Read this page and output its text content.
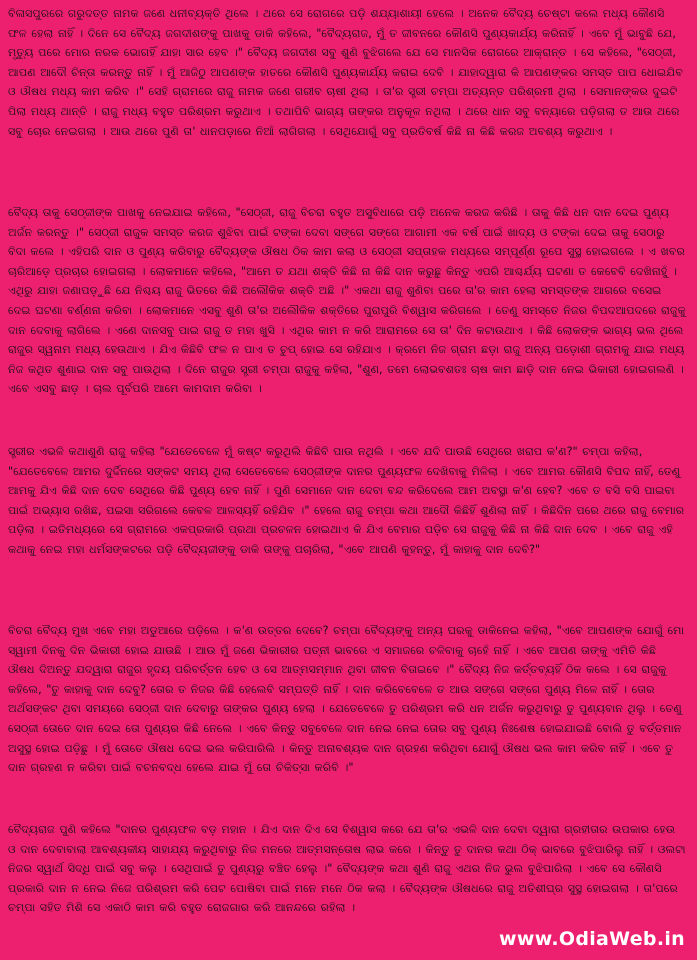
ବିଳାସପୁରରେ ଗରୁଦତ୍ତ ନାମକ ଜଣେ ଧନୀବ୍ୟକ୍ତି ଥିଲେ । ଥରେ ସେ ରୋଗରେ ପଡ଼ି ଶଯ୍ୟାଶାୟୀ ହେଲେ । ଅନେକ ବୈଦ୍ୟ ଚେଷ୍ଟା କଲେ ମଧ୍ୟ କୌଣସି ଫଳ ହେଲା ନାହିଁ । ଦିନେ ସେ ବୈଦ୍ୟ ଜଗଦୀଶଙ୍କୁ ପାଖକୁ ଡାକି କହିଲେ, "ବୈଦ୍ୟରାଜ, ମୁଁ ତ ଜୀବନରେ କୌଣସି ପୁଣ୍ୟକାର୍ଯ୍ୟ କରିନାହିଁ । ଏବେ ମୁଁ ଭାବୁଛି ଯେ, ମୃତ୍ୟୁ ପରେ ମୋର ନରକ ଭୋଗହିଁ ଯାହା ସାର ହେବ ।" ବୈଦ୍ୟ ଜଗଦୀଶ ସବୁ ଶୁଣି ବୁଝିଗଲେ ଯେ ସେ ମାନସିକ ରୋଗରେ ଆକ୍ରାନ୍ତ । ସେ କହିଲେ, "ସେଠ୍ଜୀ, ଆପଣ ଆଦୌ ଚିନ୍ତା କରନ୍ତୁ ନାହିଁ । ମୁଁ ଆଜିଠୁ ଆପଣଙ୍କ ହାତରେ କୌଣସି ପୁଣ୍ୟକାର୍ଯ୍ୟ କରାଇ ଦେବି । ଯାହାଦ୍ୱାରା କି ଆପଣଙ୍କର ସମସ୍ତ ପାପ ଧୋଇଯିବ ଓ ଔଷଧ ମଧ୍ୟ କାମ କରିବ ।" ସେହି ଗ୍ରାମରେ ରାଜୁ ନାମକ ଜଣେ ଗରୀବ ଚାଷୀ ଥିଲା । ତା'ର ସ୍ତ୍ରୀ ଚମ୍ପା ଅତ୍ୟନ୍ତ ପରିଶ୍ରମୀ ଥିଲା । ସେମାନଙ୍କର ଦୁଇଟି ପିଲା ମଧ୍ୟ ଥାନ୍ତି । ରାଜୁ ମଧ୍ୟ ବହୁତ ପରିଶ୍ରମ କରୁଥାଏ । ତଥାପିବି ଭାଗ୍ୟ ତାଙ୍କର ଅନୁକୂଳ ନଥିଲା । ଥରେ ଧାନ ସବୁ ବନ୍ୟାରେ ପଡ଼ିଗଲା ତ ଆଉ ଥରେ ସବୁ ଚୋର ନେଇଗଲା । ଆଉ ଥରେ ପୁଣି ତା' ଧାନପଡ଼ାରେ ନିଆଁ ଲାଗିଗଲା । ସେଥିଯୋଗୁଁ ସବୁ ପ୍ରତିବର୍ଷ କିଛି ନା କିଛି କରଜ ଅବଶ୍ୟ କରୁଥାଏ ।

ବୈଦ୍ୟ ତାକୁ ସେଠ୍ଜୀଙ୍କ ପାଖକୁ ନେଇଯାଇ କହିଲେ, "ସେଠ୍ଜୀ, ରାଜୁ ବିଚରା ବହୁତ ଅସୁବିଧାରେ ପଡ଼ି ଅନେକ କରଜ କରିଛି । ତାକୁ କିଛି ଧନ ଦାନ ଦେଇ ପୁଣ୍ୟ ଅର୍ଜନ କରନ୍ତୁ ।" ସେଠ୍ଜୀ ରାଜୁକ ସମସ୍ତ କରଜ ଶୁଝିବା ପାଇଁ ଟଙ୍କା ଦେବା ସଙ୍ଗେ ସଙ୍ଗେ ଆଗାମୀ ଏକ ବର୍ଷ ପାଇଁ ଖାଦ୍ୟ ଓ ଟଙ୍କା ଦେଇ ତାକୁ ସେଠାରୁ ବିଦା କଲେ । ଏହିପରି ଦାନ ଓ ପୁଣ୍ୟ କରିବାରୁ ବୈଦ୍ୟଙ୍କ ଔଷଧ ଠିକ କାମ କଲା ଓ ସେଠ୍ଜୀ ସପ୍ତାହକ ମଧ୍ୟରେ ସମ୍ପୂର୍ଣ୍ଣ ରୂପେ ସୁସ୍ଥ ହୋଇଗଲେ । ଏ ଖବର ଚାରିଆଡ଼େ ପ୍ରଚାର ହୋଇଗଲା । ଲୋକମାନେ କହିଲେ, "ଆମେ ତ ଯଥା ଶକ୍ତି କିଛି ନା କିଛି ଦାନ କରୁଛୁ କିନ୍ତୁ ଏପରି ଆଶ୍ଚର୍ଯ୍ୟ ଘଟଣା ତ କେବେବି ଦେଖିନାହୁଁ । ଏଥିରୁ ଯାହା ଜଣାପଡ଼ୁଛି ଯେ ନିଶ୍ଚୟ ରାଜୁ ଭିତରେ କିଛି ଅଲୌକିକ ଶକ୍ତି ଅଛି ।" ଏକଥା ରାଜୁ ଶୁଣିବା ପରେ ତା'ର କାମ ହେଲା ସମସ୍ତଙ୍କ ଆଗରେ ବସେଇ ଦେଇ ଘଟଣା ବର୍ଣ୍ଣନା କରିବା । ଲୋକମାନେ ଏସବୁ ଶୁଣି ତା'ର ଅଲୌକିକ ଶକ୍ତିରେ ପୁରାପୁରି ବିଶ୍ୱାସ କରିଗଲେ । ତେଣୁ ସମସ୍ତେ ନିଜର ବିପଦଆପଦରେ ରାଜୁକୁ ଦାନ ଦେବାକୁ ଲାଗିଲେ । ଏଣେ ଦାନସବୁ ପାଇ ରାଜୁ ତ ମହା ଖୁସି । ଏଥିର କାମ ନ କରି ଆରାମରେ ସେ ତା' ଦିନ କଟାଉଥାଏ । କିଛି ଲୋକଙ୍କ ଭାଗ୍ୟ ଭଲ ଥିଲେ ରାଜୁର ସ୍ୱନାମ ମଧ୍ୟ ହେଉଥାଏ । ଯିଏ କିଛିବି ଫଳ ନ ପାଏ ତ ଚୁପ୍ ହୋଇ ସେ ରହିଯାଏ । କ୍ରମେ ନିଜ ଗ୍ରାମ ଛଡ଼ା ରାଜୁ ଅନ୍ୟ ପଡ଼ୋଶୀ ଗ୍ରାମକୁ ଯାଇ ମଧ୍ୟ ନିଜ କଥିତ ଶୁଣାଇ ଦାନ ସବୁ ପାଉଥିଲା । ଦିନେ ରାଜୁର ସ୍ତ୍ରୀ ଚମ୍ପା ରାଜୁକୁ କହିଲା, "ଶୁଣ, ତମେ ଲୋଭବଶତଃ ଚାଷ କାମ ଛାଡ଼ି ଦାନ ନେଇ ଭିକାରୀ ହୋଇଗଲଣି । ଏବେ ଏସବୁ ଛାଡ଼ । ଚାଲ ପୂର୍ବପରି ଆମେ କାମଦାମ କରିବା ।

ସ୍ତ୍ରୀର ଏଭଳି କଥାଶୁଣି ରାଜୁ କହିଲା "ଯେତେବେଳେ ମୁଁ କଷ୍ଟ କରୁଥିଲି କିଛିବି ପାଉ ନଥିଲି । ଏବେ ଯଦି ପାଉଛି ସେଥିରେ ଖରାପ କ'ଣ?" ଚମ୍ପା କହିଲା, "ଯେତେବେଳେ ଆମର ଦୁର୍ଦ୍ଦିନରେ ସଙ୍କଟ ସମୟ ଥିଲା ସେତେବେଳେ ସେଠ୍ଜୀଙ୍କ ଦାନର ପୁଣ୍ୟଫଳ ଦେଖିବାକୁ ମିଳିଲା । ଏବେ ଆମର କୌଣସି ବିପଦ ନାହିଁ, ତେଣୁ ଆମକୁ ଯିଏ କିଛି ଦାନ ଦେବ ସେଥିରେ କିଛି ପୁଣ୍ୟ ହେବ ନାହିଁ । ପୁଣି ସେମାନେ ଦାନ ଦେବା ବନ୍ଦ କରିଦେଲେ ଆମ ଅବସ୍ଥା କ'ଣ ହେବ? ଏବେ ତ ବସି ବସି ପାଇବା ପାଇଁ ଅଭ୍ୟାସ ରଖିଛ, ପଇସା ସରିଗଲେ କେବଳ ଆଳସ୍ୟହିଁ ରହିଯିବ ।" ହେଲେ ରାଜୁ ଚମ୍ପା କଥା ଆଦୌ କିଛିହିଁ ଶୁଣିଲା ନାହିଁ । କିଛିଦିନ ପରେ ଥରେ ରାଜୁ ବେମାର ପଡ଼ିଲା । ଇତିମଧ୍ୟରେ ସେ ଗ୍ରାମରେ ଏକପ୍ରକାରି ପ୍ରଥା ପ୍ରଚଳନ ହୋଇଥାଏ କି ଯିଏ ବେମାର ପଡ଼ିବ ସେ ରାଜୁକୁ କିଛି ନା କିଛି ଦାନ ଦେବ । ଏବେ ରାଜୁ ଏହି କଥାକୁ ନେଇ ମହା ଧର୍ମସଙ୍କଟରେ ପଡ଼ି ବୈଦ୍ୟଜୀଙ୍କୁ ଡାକି ତାଙ୍କୁ ପଚାରିଲା, "ଏବେ ଆପଣି କୁହନ୍ତୁ, ମୁଁ କାହାକୁ ଦାନ ଦେବି?"

ବିଚରା ବୈଦ୍ୟ ମୁଖ ଏବେ ମହା ଅଡୁଆରେ ପଡ଼ିଲେ । କ'ଣ ଉତ୍ତର ଦେବେ? ଚମ୍ପା ବୈଦ୍ୟଙ୍କୁ ଅନ୍ୟ ଘରକୁ ଡାକିନେଇ କହିଲା, "ଏବେ ଆପଣଙ୍କ ଯୋଗୁଁ ମୋ ସ୍ୱାମୀ ଦିନକୁ ଦିନ ଭିକାରୀ ହୋଇ ଯାଉଛି । ଆଉ ମୁଁ ଜଣେ ଭିକାରୀର ପତ୍ନୀ ଭାବରେ ଏ ସମାଜରେ ଚଳିବାକୁ ଚାହେଁ ନାହିଁ । ଏବେ ଆପଣ ତାଙ୍କୁ ଏମିତି କିଛି ଔଷଧ ଦିଅନ୍ତୁ ଯଦ୍ୱାରା ରାଜୁର ହୃଦୟ ପରିବର୍ତ୍ତନ ହେବ ଓ ସେ ଆତ୍ମସମ୍ମାନ ଥିବା ଜୀବନ ବିତାଇବେ ।" ବୈଦ୍ୟ ନିଜ କର୍ତ୍ତବ୍ୟହିଁ ଠିକ କଲେ । ସେ ରାଜୁକୁ କହିଲେ, "ତୁ କାହାକୁ ଦାନ ଦେବୁ? ତୋର ତ ନିଜର କିଛି ହେଲେବି ସମ୍ପତ୍ତି ନାହିଁ । ଦାନ କରିବେବେଳେ ତ ଆଉ ସଙ୍ଗେ ସଙ୍ଗେ ପୁଣ୍ୟ ମିଳେ ନାହିଁ । ତୋର ଅର୍ଥସଙ୍କଟ ଥିବା ସମୟରେ ସେଠ୍ଜୀ ଦାନ ଦେବାରୁ ତାଙ୍କର ପୁଣ୍ୟ ହେଲା । ଯେତେବେଳେ ତୁ ପରିଶ୍ରମ କରି ଧନ ଅର୍ଜନ କରୁଥିବାରୁ ତୁ ପୁଣ୍ୟବାନ ଥିଲୁ । ତେଣୁ ସେଠ୍ଜୀ ତୋତେ ଦାନ ଦେଇ ତୋ ପୁଣ୍ୟର କିଛି ନେଲେ । ଏବେ କିନ୍ତୁ ସବୁବେଳେ ଦାନ ନେଇ ନେଇ ତୋର ସବୁ ପୁଣ୍ୟ ନିଃଶେଷ ହୋଇଯାଇଛି ବୋଲି ତୁ ବର୍ତ୍ତମାନ ଅସୁସ୍ଥ ହୋଇ ପଡ଼ିଛୁ । ମୁଁ ତୋତେ ଔଷଧ ଦେଇ ଭଲ କରିପାରିଲି । କିନ୍ତୁ ଅନାବଶ୍ୟକ ଦାନ ଗ୍ରହଣ କରିଥିବା ଯୋଗୁଁ ଔଷଧ ଭଲ କାମ କରିବ ନାହିଁ । ଏବେ ତୁ ଦାନ ଗ୍ରହଣ ନ କରିବା ପାଇଁ ବଚନବଦ୍ଧ ହେଲେ ଯାଇ ମୁଁ ତୋ ଚିକିତ୍ସା କରିବି ।"

ବୈଦ୍ୟରାଜ ପୁଣି କହିଲେ "ଦାନର ପୁଣ୍ୟଫଳ ବଡ଼ ମହାନ । ଯିଏ ଦାନ ଦିଏ ସେ ବିଶ୍ୱାସ କରେ ଯେ ତା'ର ଏଭଳି ଦାନ ଦେବା ଦ୍ୱାରା ଗ୍ରହୀତାର ଉପକାର ହେଉ ଓ ଦାନ ଦେବାବାଲା ଆବଶ୍ୟକୀୟ ସାହାଯ୍ୟ କରୁଥିବାରୁ ନିଜ ମନରେ ଆତ୍ମସନ୍ତୋଷ ଲାଭ କରେ । କିନ୍ତୁ ତୁ ଦାନର କଥା ଠିକ୍ ଭାବରେ ବୁଝିପାରିଲୁ ନାହିଁ । ଓଲଟା ନିଜର ସ୍ୱାର୍ଥ ସିଦ୍ଧି ପାଇଁ ସବୁ କଲୁ । ସେଥିପାଇଁ ତୁ ପୁଣ୍ୟରୁ ବଞ୍ଚିତ ହେଲୁ ।" ବୈଦ୍ୟଙ୍କ କଥା ଶୁଣି ରାଜୁ ଏଥର ନିଜ ଭୁଲ ବୁଝିପାରିଲା । ଏବେ ସେ କୌଣସି ପ୍ରକାରି ଦାନ ନ ନେଇ ନିଜେ ପରିଶ୍ରମ କରି ପେଟ ପୋଷିବା ପାଇଁ ମନେ ମନେ ଠିକ କଲା । ବୈଦ୍ୟଙ୍କ ଔଷଧରେ ରାଜୁ ଅତିଶୀଘ୍ର ସୁସ୍ଥ ହୋଇଗଲା । ତା'ପରେ ଚମ୍ପା ସହିତ ମିଶି ସେ ଏକାଠି କାମ କରି ବହୁତ ରୋଜଗାର କରି ଆନନ୍ଦରେ ରହିଲା ।

www.OdiaWeb.in
